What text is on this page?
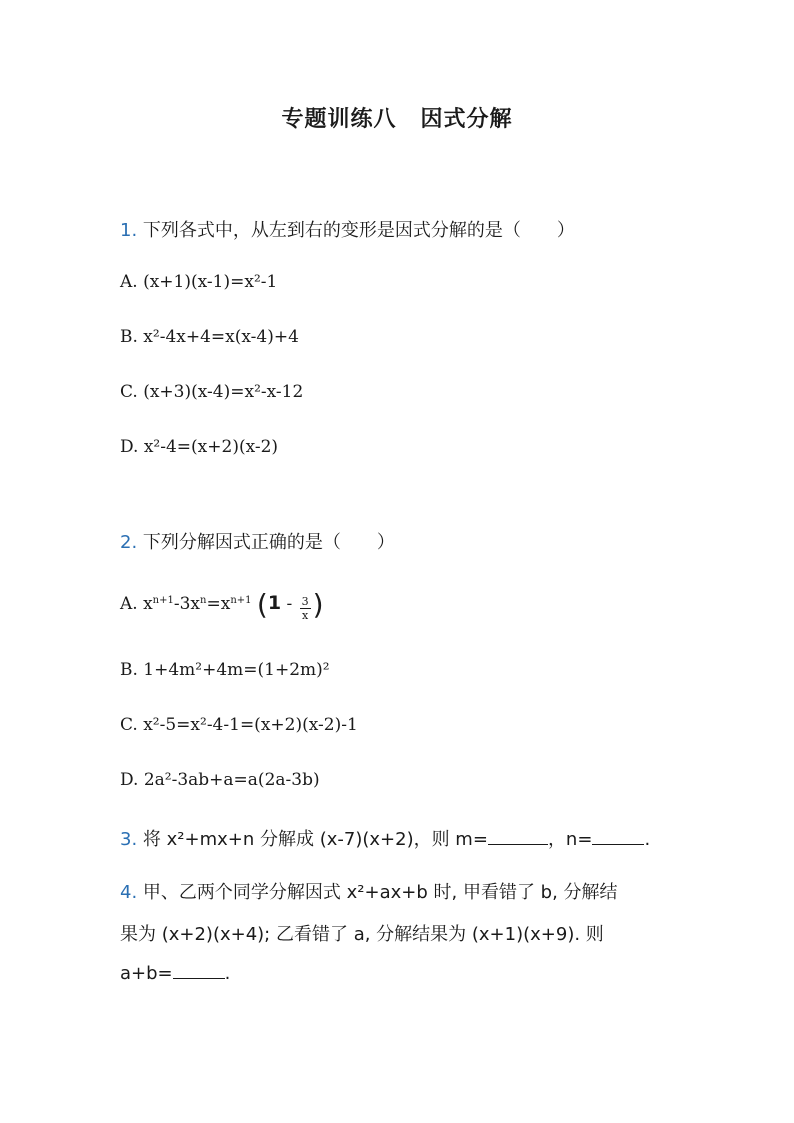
专题训练八 因式分解
1. 下列各式中，从左到右的变形是因式分解的是（　　）
A. (x+1)(x-1)=x²-1
B. x²-4x+4=x(x-4)+4
C. (x+3)(x-4)=x²-x-12
D. x²-4=(x+2)(x-2)
2. 下列分解因式正确的是（　　）
A. $x^{n+1}-3x^n=x^{n+1}$ ($1 - \frac{3}{x}$ )
B. 1+4m²+4m=(1+2m)²
C. x²-5=x²-4-1=(x+2)(x-2)-1
D. 2a²-3ab+a=a(2a-3b)
3. 将 x²+mx+n 分解成 (x-7)(x+2)，则 m=	，n=	.
4. 甲、乙两个同学分解因式 x²+ax+b 时, 甲看错了 b, 分解结
果为 (x+2)(x+4); 乙看错了 a, 分解结果为 (x+1)(x+9). 则
a+b=	.
